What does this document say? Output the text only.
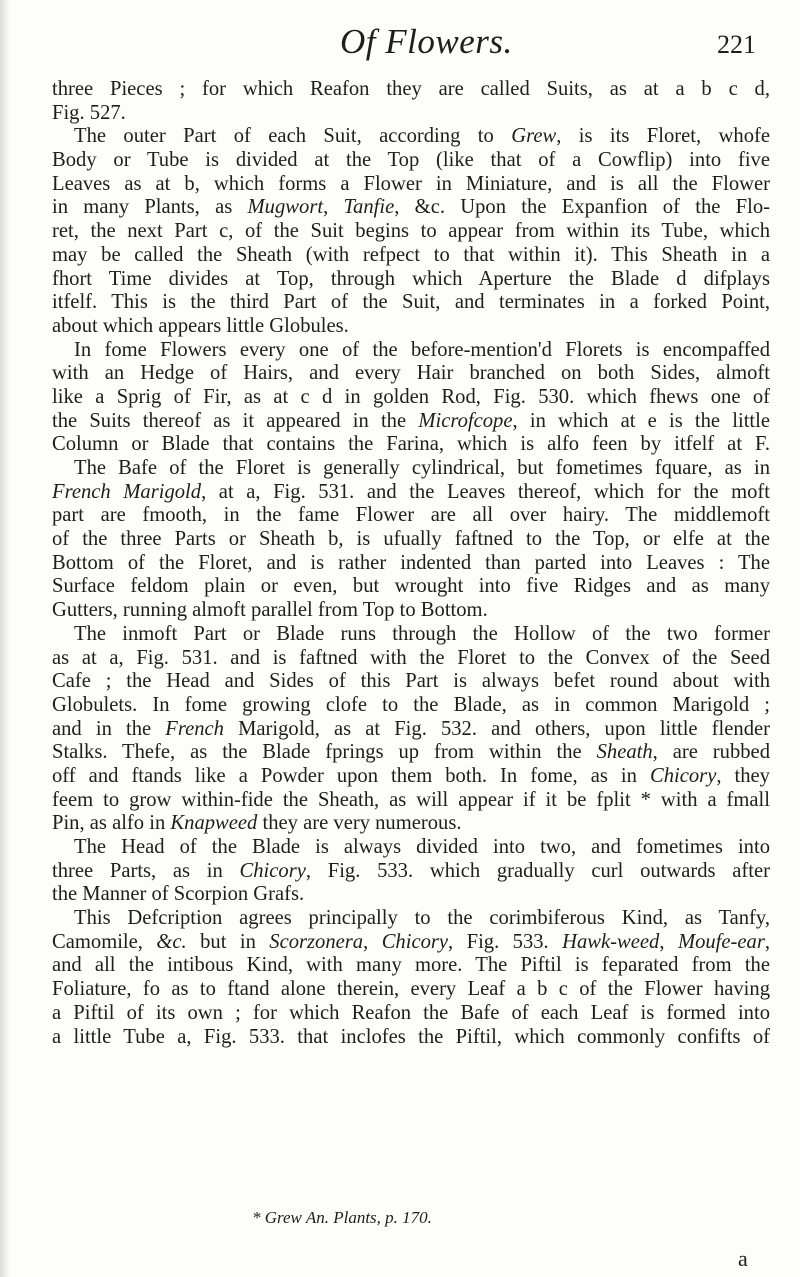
Of Flowers.	221
three Pieces ; for which Reafon they are called Suits, as at a b c d,
Fig. 527.
The outer Part of each Suit, according to Grew, is its Floret, whofe
Body or Tube is divided at the Top (like that of a Cowflip) into five
Leaves as at b, which forms a Flower in Miniature, and is all the Flower
in many Plants, as Mugwort, Tanfie, &c. Upon the Expanfion of the Flo-
ret, the next Part c, of the Suit begins to appear from within its Tube, which
may be called the Sheath (with refpect to that within it). This Sheath in a
fhort Time divides at Top, through which Aperture the Blade d difplays
itfelf. This is the third Part of the Suit, and terminates in a forked Point,
about which appears little Globules.
In fome Flowers every one of the before-mention'd Florets is encompaffed
with an Hedge of Hairs, and every Hair branched on both Sides, almoft
like a Sprig of Fir, as at c d in golden Rod, Fig. 530. which fhews one of
the Suits thereof as it appeared in the Microfcope, in which at e is the little
Column or Blade that contains the Farina, which is alfo feen by itfelf at F.
The Bafe of the Floret is generally cylindrical, but fometimes fquare, as in
French Marigold, at a, Fig. 531. and the Leaves thereof, which for the moft
part are fmooth, in the fame Flower are all over hairy. The middlemoft
of the three Parts or Sheath b, is ufually faftned to the Top, or elfe at the
Bottom of the Floret, and is rather indented than parted into Leaves : The
Surface feldom plain or even, but wrought into five Ridges and as many
Gutters, running almoft parallel from Top to Bottom.
The inmoft Part or Blade runs through the Hollow of the two former
as at a, Fig. 531. and is faftned with the Floret to the Convex of the Seed
Cafe ; the Head and Sides of this Part is always befet round about with
Globulets. In fome growing clofe to the Blade, as in common Marigold ;
and in the French Marigold, as at Fig. 532. and others, upon little flender
Stalks. Thefe, as the Blade fprings up from within the Sheath, are rubbed
off and ftands like a Powder upon them both. In fome, as in Chicory, they
feem to grow within-fide the Sheath, as will appear if it be fplit * with a fmall
Pin, as alfo in Knapweed they are very numerous.
The Head of the Blade is always divided into two, and fometimes into
three Parts, as in Chicory, Fig. 533. which gradually curl outwards after
the Manner of Scorpion Grafs.
This Defcription agrees principally to the corimbiferous Kind, as Tanfy,
Camomile, &c. but in Scorzonera, Chicory, Fig. 533. Hawk-weed, Moufe-ear,
and all the intibous Kind, with many more. The Piftil is feparated from the
Foliature, fo as to ftand alone therein, every Leaf a b c of the Flower having
a Piftil of its own ; for which Reafon the Bafe of each Leaf is formed into
a little Tube a, Fig. 533. that inclofes the Piftil, which commonly confifts of
* Grew An. Plants, p. 170.
a
